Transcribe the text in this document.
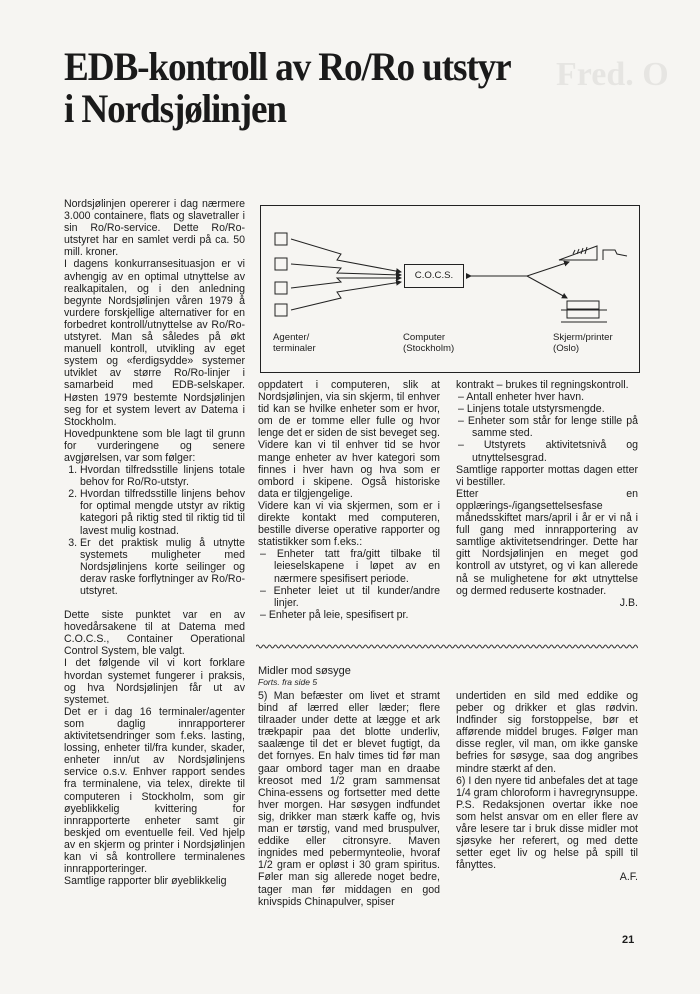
Fred. O
EDB-kontroll av Ro/Ro utstyr
i Nordsjølinjen

Nordsjølinjen opererer i dag nærmere 3.000 containere, flats og slavetraller i sin Ro/Ro-service. Dette Ro/Ro-utstyret har en samlet verdi på ca. 50 mill. kroner.

I dagens konkurransesituasjon er vi avhengig av en optimal utnyttelse av realkapitalen, og i den anledning begynte Nordsjølinjen våren 1979 å vurdere forskjellige alternativer for en forbedret kontroll/utnyttelse av Ro/Ro-utstyret. Man så således på økt manuell kontroll, utvikling av eget system og «ferdigsydde» systemer utviklet av større Ro/Ro-linjer i samarbeid med EDB-selskaper. Høsten 1979 bestemte Nordsjølinjen seg for et system levert av Datema i Stockholm.

Hovedpunktene som ble lagt til grunn for vurderingene og senere avgjørelsen, var som følger:

1. Hvordan tilfredsstille linjens totale behov for Ro/Ro-utstyr.
2. Hvordan tilfredsstille linjens behov for optimal mengde utstyr av riktig kategori på riktig sted til riktig tid til lavest mulig kostnad.
3. Er det praktisk mulig å utnytte systemets muligheter med Nordsjølinjens korte seilinger og derav raske forflytninger av Ro/Ro-utstyret.

Dette siste punktet var en av hovedårsakene til at Datema med C.O.C.S., Container Operational Control System, ble valgt.

I det følgende vil vi kort forklare hvordan systemet fungerer i praksis, og hva Nordsjølinjen får ut av systemet.

Det er i dag 16 terminaler/agenter som daglig innrapporterer aktivitetsendringer som f.eks. lasting, lossing, enheter til/fra kunder, skader, enheter inn/ut av Nordsjølinjens service o.s.v. Enhver rapport sendes fra terminalene, via telex, direkte til computeren i Stockholm, som gir øyeblikkelig kvittering for innrapporterte enheter samt gir beskjed om eventuelle feil. Ved hjelp av en skjerm og printer i Nordsjølinjen kan vi så kontrollere terminalenes innrapporteringer.

Samtlige rapporter blir øyeblikkelig

C.O.C.S.
Agenter/
terminaler
Computer
(Stockholm)
Skjerm/printer
(Oslo)

oppdatert i computeren, slik at Nordsjølinjen, via sin skjerm, til enhver tid kan se hvilke enheter som er hvor, om de er tomme eller fulle og hvor lenge det er siden de sist beveget seg. Videre kan vi til enhver tid se hvor mange enheter av hver kategori som finnes i hver havn og hva som er ombord i skipene. Også historiske data er tilgjengelige.

Videre kan vi via skjermen, som er i direkte kontakt med computeren, bestille diverse operative rapporter og statistikker som f.eks.:

– Enheter tatt fra/gitt tilbake til leieselskapene i løpet av en nærmere spesifisert periode.
– Enheter leiet ut til kunder/andre linjer.
– Enheter på leie, spesifisert pr.

kontrakt – brukes til regningskontroll.

– Antall enheter hver havn.
– Linjens totale utstyrsmengde.
– Enheter som står for lenge stille på samme sted.
– Utstyrets aktivitetsnivå og utnyttelsesgrad.

Samtlige rapporter mottas dagen etter vi bestiller.

Etter en opplærings-/igangsettelsesfase månedsskiftet mars/april i år er vi nå i full gang med innrapportering av samtlige aktivitetsendringer. Dette har gitt Nordsjølinjen en meget god kontroll av utstyret, og vi kan allerede nå se mulighetene for økt utnyttelse og dermed reduserte kostnader.

J.B.

Midler mod søsyge
Forts. fra side 5

5) Man befæster om livet et stramt bind af lærred eller læder; flere tilraader under dette at lægge et ark trækpapir paa det blotte underliv, saalænge til det er blevet fugtigt, da det fornyes. En halv times tid før man gaar ombord tager man en draabe kreosot med 1/2 gram sammensat China-essens og fortsetter med dette hver morgen. Har søsygen indfundet sig, drikker man stærk kaffe og, hvis man er tørstig, vand med bruspulver, eddike eller citronsyre. Maven ingnides med pebermynteolie, hvoraf 1/2 gram er opløst i 30 gram spiritus. Føler man sig allerede noget bedre, tager man før middagen en god knivspids Chinapulver, spiser

undertiden en sild med eddike og peber og drikker et glas rødvin. Indfinder sig forstoppelse, bør et afførende middel bruges. Følger man disse regler, vil man, om ikke ganske befries for søsyge, saa dog angribes mindre stærkt af den.

6) I den nyere tid anbefales det at tage 1/4 gram chloroform i havregrynsuppe.

P.S. Redaksjonen overtar ikke noe som helst ansvar om en eller flere av våre lesere tar i bruk disse midler mot sjøsyke her referert, og med dette setter eget liv og helse på spill til fånyttes.

A.F.

21
